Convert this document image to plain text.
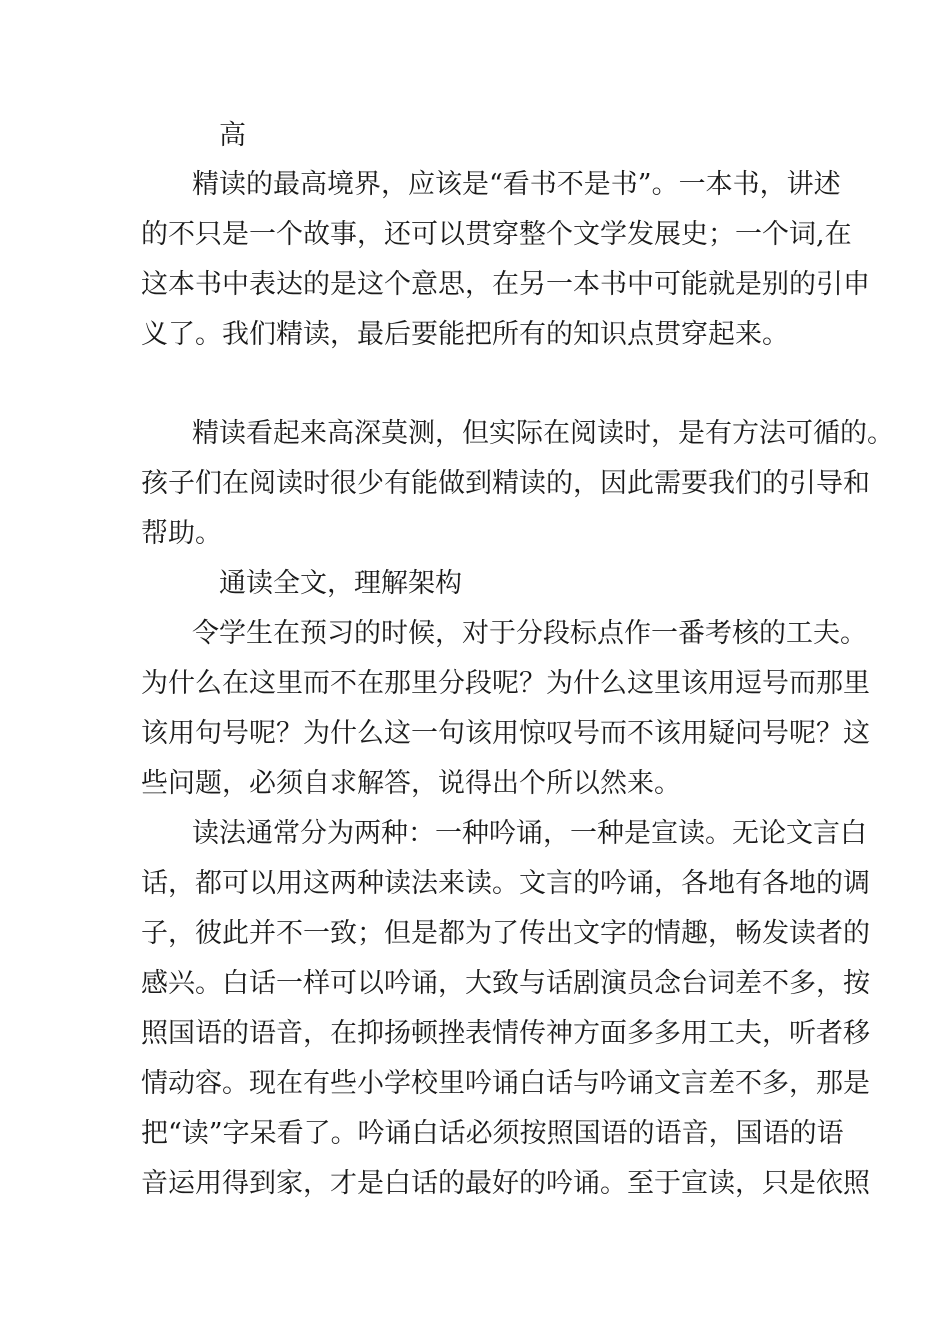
高
精读的最高境界，应该是“看书不是书”。一本书，讲述
的不只是一个故事，还可以贯穿整个文学发展史；一个词,在
这本书中表达的是这个意思，在另一本书中可能就是别的引申
义了。我们精读，最后要能把所有的知识点贯穿起来。
精读看起来高深莫测，但实际在阅读时，是有方法可循的。
孩子们在阅读时很少有能做到精读的，因此需要我们的引导和
帮助。
通读全文，理解架构
令学生在预习的时候，对于分段标点作一番考核的工夫。
为什么在这里而不在那里分段呢？为什么这里该用逗号而那里
该用句号呢？为什么这一句该用惊叹号而不该用疑问号呢？这
些问题，必须自求解答，说得出个所以然来。
读法通常分为两种：一种吟诵，一种是宣读。无论文言白
话，都可以用这两种读法来读。文言的吟诵，各地有各地的调
子，彼此并不一致；但是都为了传出文字的情趣，畅发读者的
感兴。白话一样可以吟诵，大致与话剧演员念台词差不多，按
照国语的语音，在抑扬顿挫表情传神方面多多用工夫，听者移
情动容。现在有些小学校里吟诵白话与吟诵文言差不多，那是
把“读”字呆看了。吟诵白话必须按照国语的语音，国语的语
音运用得到家，才是白话的最好的吟诵。至于宣读，只是依照
